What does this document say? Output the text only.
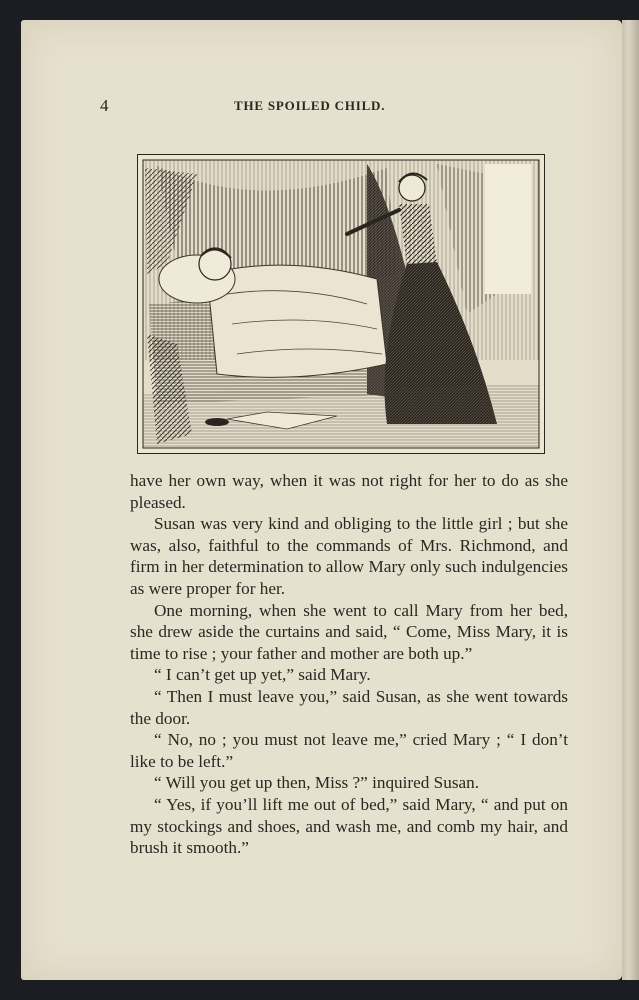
4	THE SPOILED CHILD.

have her own way, when it was not right for her to do as she pleased.

Susan was very kind and obliging to the little girl ; but she was, also, faithful to the commands of Mrs. Richmond, and firm in her determination to allow Mary only such indulgencies as were proper for her.

One morning, when she went to call Mary from her bed, she drew aside the curtains and said, “ Come, Miss Mary, it is time to rise ; your father and mother are both up.”

“ I can’t get up yet,” said Mary.

“ Then I must leave you,” said Susan, as she went towards the door.

“ No, no ; you must not leave me,” cried Mary ; “ I don’t like to be left.”

“ Will you get up then, Miss ?” inquired Susan.

“ Yes, if you’ll lift me out of bed,” said Mary, “ and put on my stockings and shoes, and wash me, and comb my hair, and brush it smooth.”
